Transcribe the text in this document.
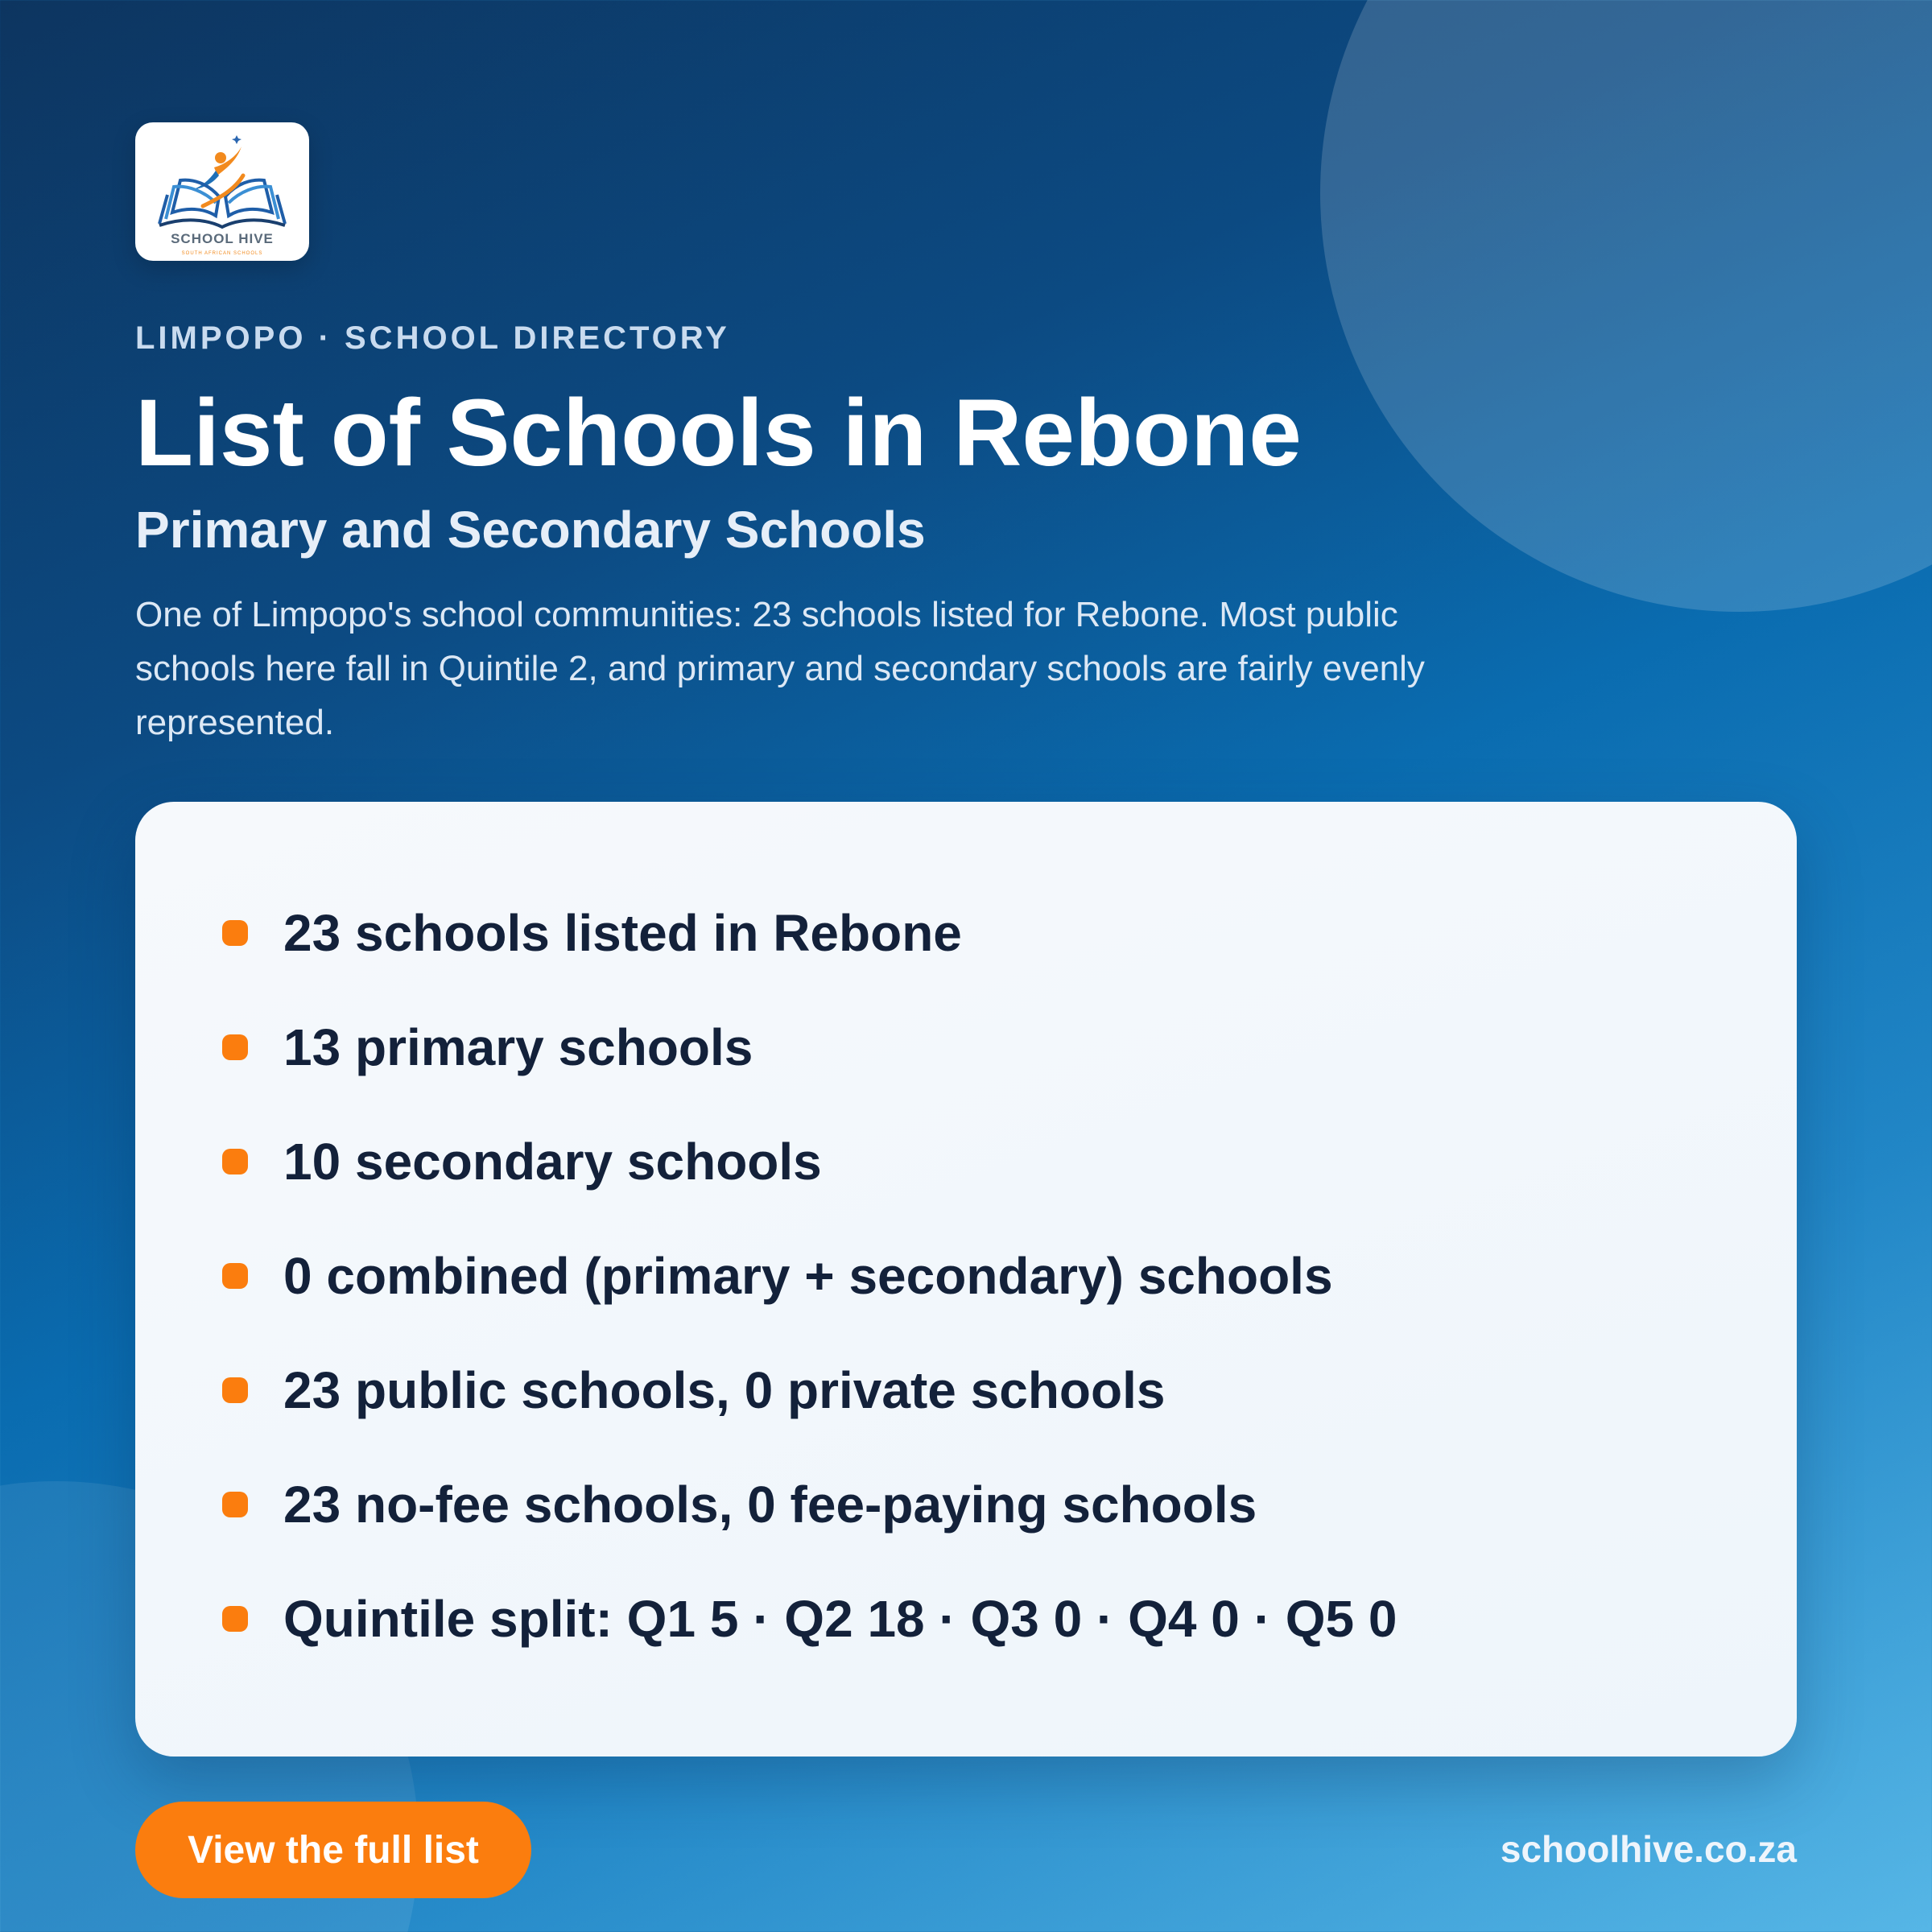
SCHOOL HIVE
SOUTH AFRICAN SCHOOLS
LIMPOPO · SCHOOL DIRECTORY
List of Schools in Rebone
Primary and Secondary Schools

One of Limpopo's school communities: 23 schools listed for Rebone. Most public schools here fall in Quintile 2, and primary and secondary schools are fairly evenly represented.

23 schools listed in Rebone
13 primary schools
10 secondary schools
0 combined (primary + secondary) schools
23 public schools, 0 private schools
23 no-fee schools, 0 fee-paying schools
Quintile split: Q1 5 · Q2 18 · Q3 0 · Q4 0 · Q5 0
View the full list	schoolhive.co.za
